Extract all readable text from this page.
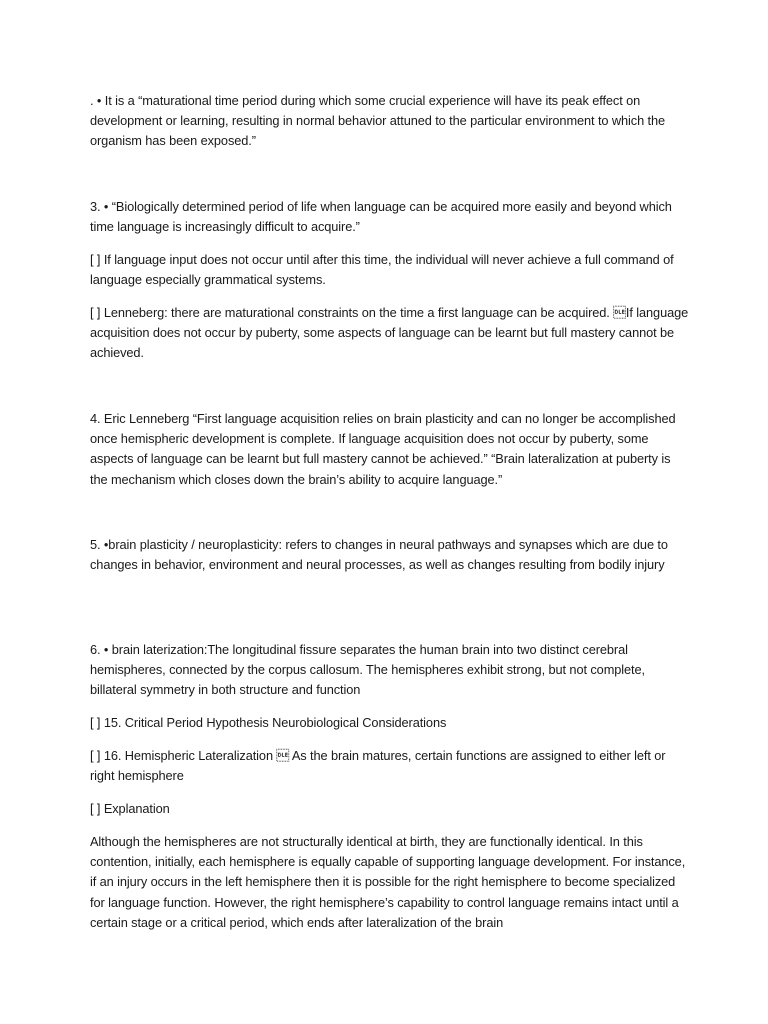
. • It is a “maturational time period during which some crucial experience will have its peak effect on development or learning, resulting in normal behavior attuned to the particular environment to which the organism has been exposed.”

3. • “Biologically determined period of life when language can be acquired more easily and beyond which time language is increasingly difficult to acquire.”

[ ] If language input does not occur until after this time, the individual will never achieve a full command of language especially grammatical systems.

[ ] Lenneberg: there are maturational constraints on the time a first language can be acquired. If language acquisition does not occur by puberty, some aspects of language can be learnt but full mastery cannot be achieved.

4. Eric Lenneberg “First language acquisition relies on brain plasticity and can no longer be accomplished once hemispheric development is complete. If language acquisition does not occur by puberty, some aspects of language can be learnt but full mastery cannot be achieved.” “Brain lateralization at puberty is the mechanism which closes down the brain’s ability to acquire language.”

5. •brain plasticity / neuroplasticity: refers to changes in neural pathways and synapses which are due to changes in behavior, environment and neural processes, as well as changes resulting from bodily injury

6. • brain laterization:The longitudinal fissure separates the human brain into two distinct cerebral hemispheres, connected by the corpus callosum. The hemispheres exhibit strong, but not complete, billateral symmetry in both structure and function

[ ] 15. Critical Period Hypothesis Neurobiological Considerations

[ ] 16. Hemispheric Lateralization  As the brain matures, certain functions are assigned to either left or right hemisphere

[ ] Explanation

Although the hemispheres are not structurally identical at birth, they are functionally identical. In this contention, initially, each hemisphere is equally capable of supporting language development. For instance, if an injury occurs in the left hemisphere then it is possible for the right hemisphere to become specialized for language function. However, the right hemisphere’s capability to control language remains intact until a certain stage or a critical period, which ends after lateralization of the brain
